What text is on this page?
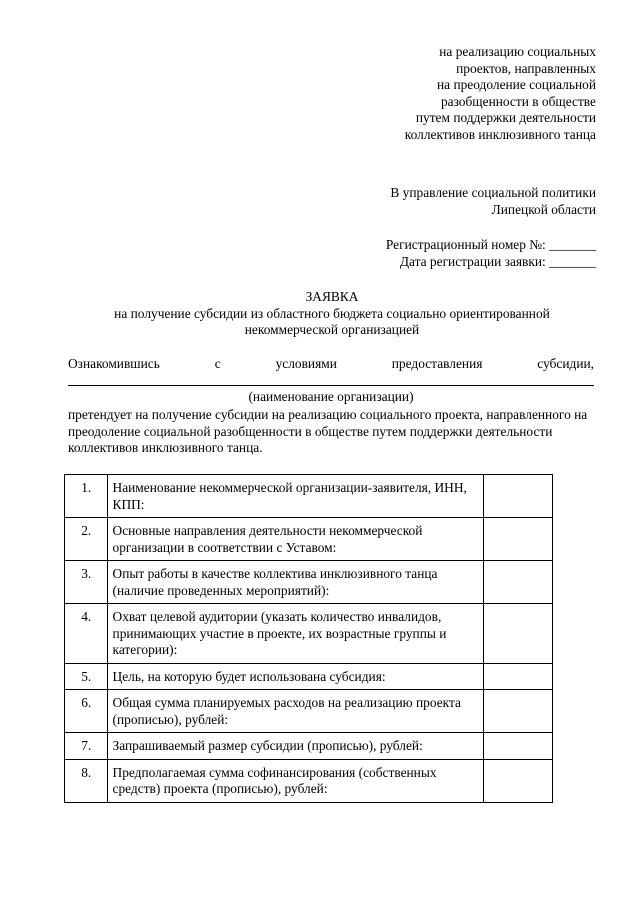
на реализацию социальных
проектов, направленных
на преодоление социальной
разобщенности в обществе
путем поддержки деятельности
коллективов инклюзивного танца
В управление социальной политики
Липецкой области
Регистрационный номер №: _______
Дата регистрации заявки: _______
ЗАЯВКА
на получение субсидии из областного бюджета социально ориентированной
некоммерческой организацией
Ознакомившись	с	условиями	предоставления	субсидии,
(наименование организации)
претендует на получение субсидии на реализацию социального проекта, направленного на преодоление социальной разобщенности в обществе путем поддержки деятельности коллективов инклюзивного танца.
1.	Наименование некоммерческой организации-заявителя, ИНН, КПП:	
2.	Основные направления деятельности некоммерческой организации в соответствии с Уставом:	
3.	Опыт работы в качестве коллектива инклюзивного танца (наличие проведенных мероприятий):	
4.	Охват целевой аудитории (указать количество инвалидов, принимающих участие в проекте, их возрастные группы и категории):	
5.	Цель, на которую будет использована субсидия:	
6.	Общая сумма планируемых расходов на реализацию проекта (прописью), рублей:	
7.	Запрашиваемый размер субсидии (прописью), рублей:	
8.	Предполагаемая сумма софинансирования (собственных средств) проекта (прописью), рублей:	
